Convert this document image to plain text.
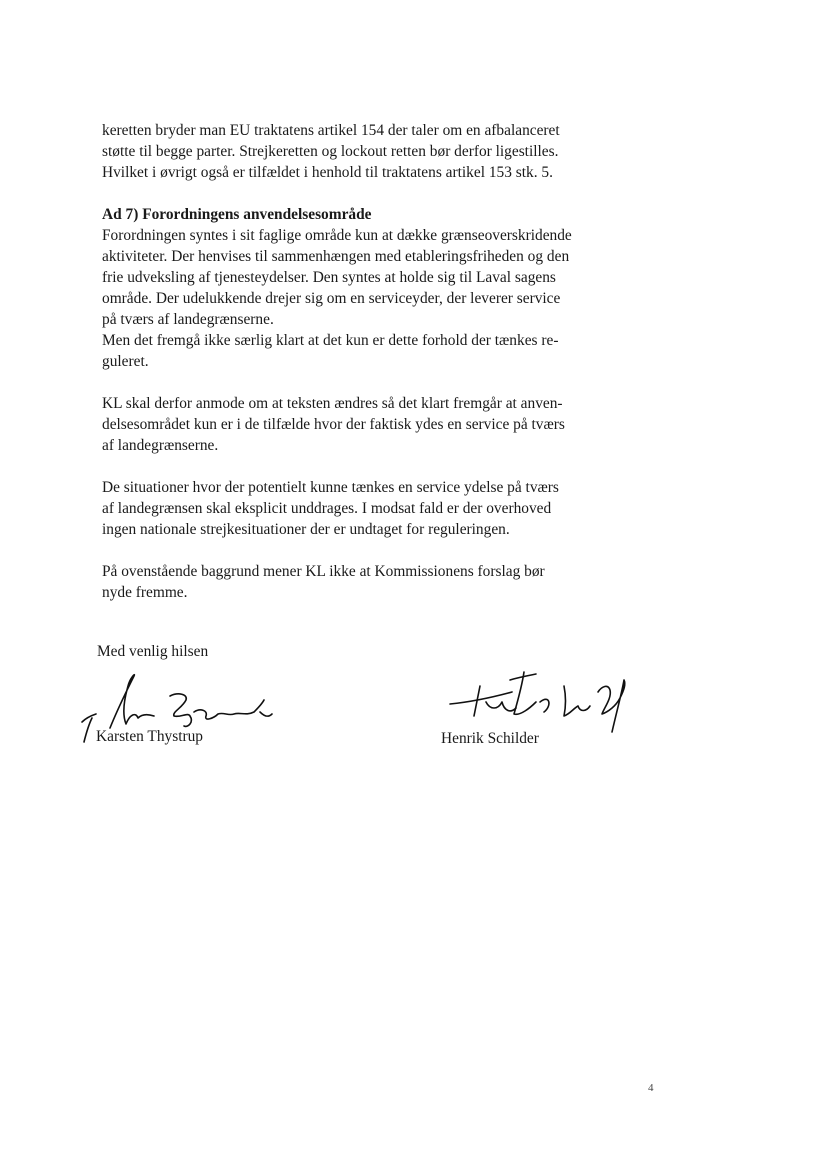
keretten bryder man EU traktatens artikel 154 der taler om en afbalanceret
støtte til begge parter. Strejkeretten og lockout retten bør derfor ligestilles.
Hvilket i øvrigt også er tilfældet i henhold til traktatens artikel 153 stk. 5.

Ad 7) Forordningens anvendelsesområde

Forordningen syntes i sit faglige område kun at dække grænseoverskridende
aktiviteter. Der henvises til sammenhængen med etableringsfriheden og den
frie udveksling af tjenesteydelser. Den syntes at holde sig til Laval sagens
område. Der udelukkende drejer sig om en serviceyder, der leverer service
på tværs af landegrænserne.

Men det fremgå ikke særlig klart at det kun er dette forhold der tænkes re-
guleret.

KL skal derfor anmode om at teksten ændres så det klart fremgår at anven-
delsesområdet kun er i de tilfælde hvor der faktisk ydes en service på tværs
af landegrænserne.

De situationer hvor der potentielt kunne tænkes en service ydelse på tværs
af landegrænsen skal eksplicit unddrages. I modsat fald er der overhoved
ingen nationale strejkesituationer der er undtaget for reguleringen.

På ovenstående baggrund mener KL ikke at Kommissionens forslag bør
nyde fremme.

Med venlig hilsen
Karsten Thystrup	Henrik Schilder
4
